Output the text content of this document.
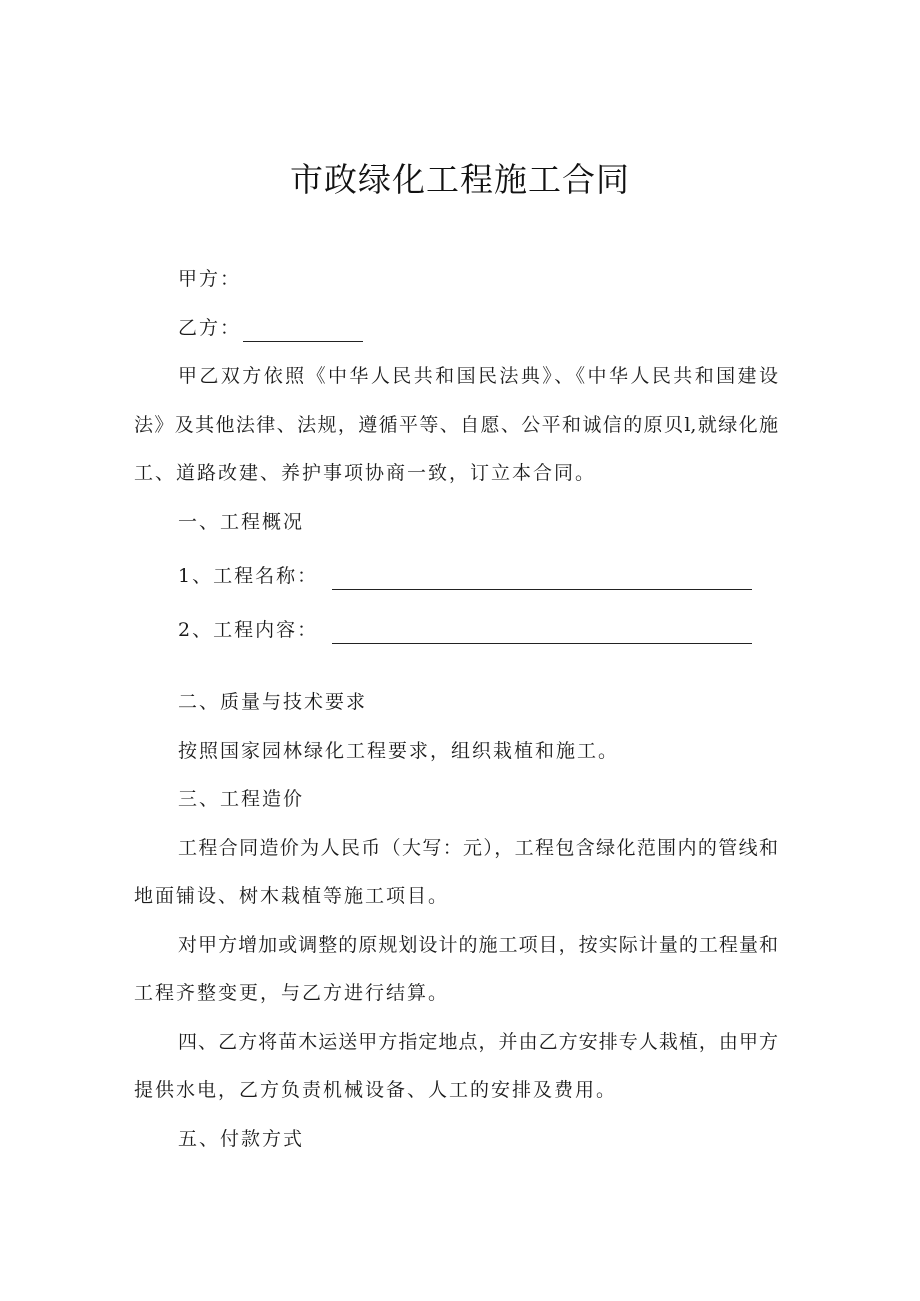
市政绿化工程施工合同
甲方：
乙方：
甲乙双方依照《中华人民共和国民法典》、《中华人民共和国建设
法》及其他法律、法规，遵循平等、自愿、公平和诚信的原贝l,就绿化施
工、道路改建、养护事项协商一致，订立本合同。
一、工程概况
1、工程名称：
2、工程内容：
二、质量与技术要求
按照国家园林绿化工程要求，组织栽植和施工。
三、工程造价
工程合同造价为人民币（大写：元），工程包含绿化范围内的管线和
地面铺设、树木栽植等施工项目。
对甲方增加或调整的原规划设计的施工项目，按实际计量的工程量和
工程齐整变更，与乙方进行结算。
四、乙方将苗木运送甲方指定地点，并由乙方安排专人栽植，由甲方
提供水电，乙方负责机械设备、人工的安排及费用。
五、付款方式
